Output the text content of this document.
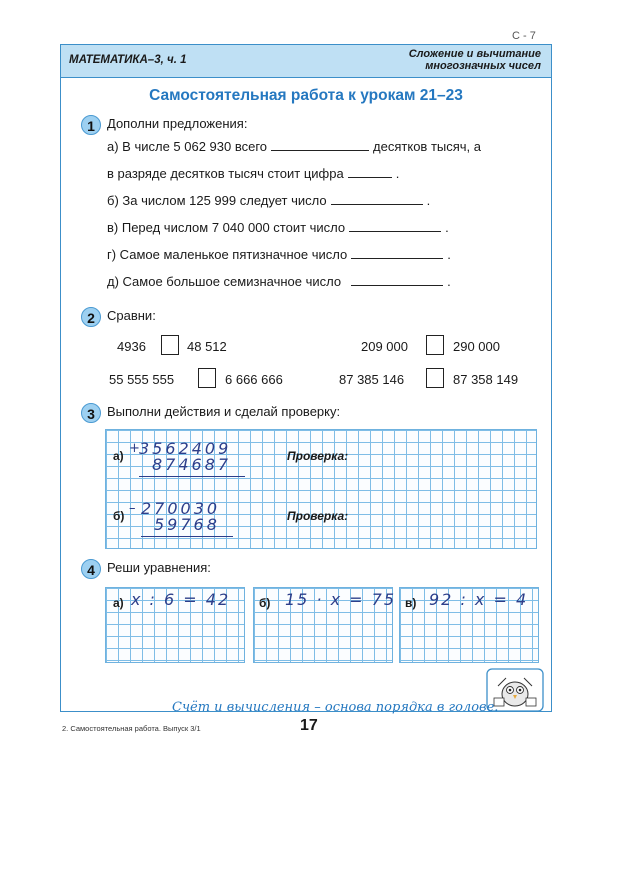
С - 7
МАТЕМАТИКА–3, ч. 1	Сложение и вычитание
многозначных чисел
Самостоятельная работа к урокам 21–23
1 Дополни предложения:
а) В числе 5 062 930 всего	десятков тысяч, а
в разряде десятков тысяч стоит цифра	.
б) За числом 125 999 следует число	.
в) Перед числом 7 040 000 стоит число	.
г) Самое маленькое пятизначное число	.
д) Самое большое семизначное число	.
2 Сравни:
4936	48 512	209 000	290 000
55 555 555	6 666 666	87 385 146	87 358 149
3 Выполни действия и сделай проверку:
а) +
3562409
874687	Проверка:
б) – 270030
59768	Проверка:
4 Реши уравнения:
а) x : 6 = 42 б) 15 · x = 75 в) 92 : x = 4
Счёт и вычисления – основа порядка в голове.
17
2. Самостоятельная работа. Выпуск 3/1
